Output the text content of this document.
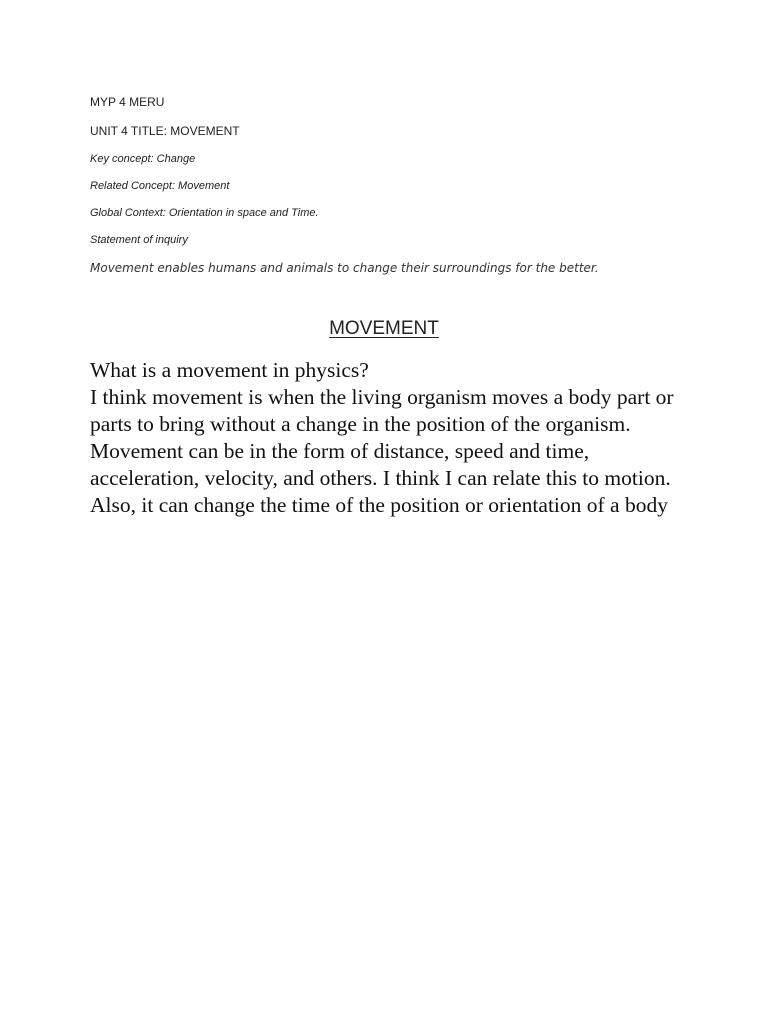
MYP 4 MERU
UNIT 4 TITLE: MOVEMENT
Key concept: Change
Related Concept: Movement
Global Context: Orientation in space and Time.
Statement of inquiry
Movement enables humans and animals to change their surroundings for the better.
MOVEMENT

What is a movement in physics?

I think movement is when the living organism moves a body part or parts to bring without a change in the position of the organism.

Movement can be in the form of distance, speed and time, acceleration, velocity, and others. I think I can relate this to motion.

Also, it can change the time of the position or orientation of a body
